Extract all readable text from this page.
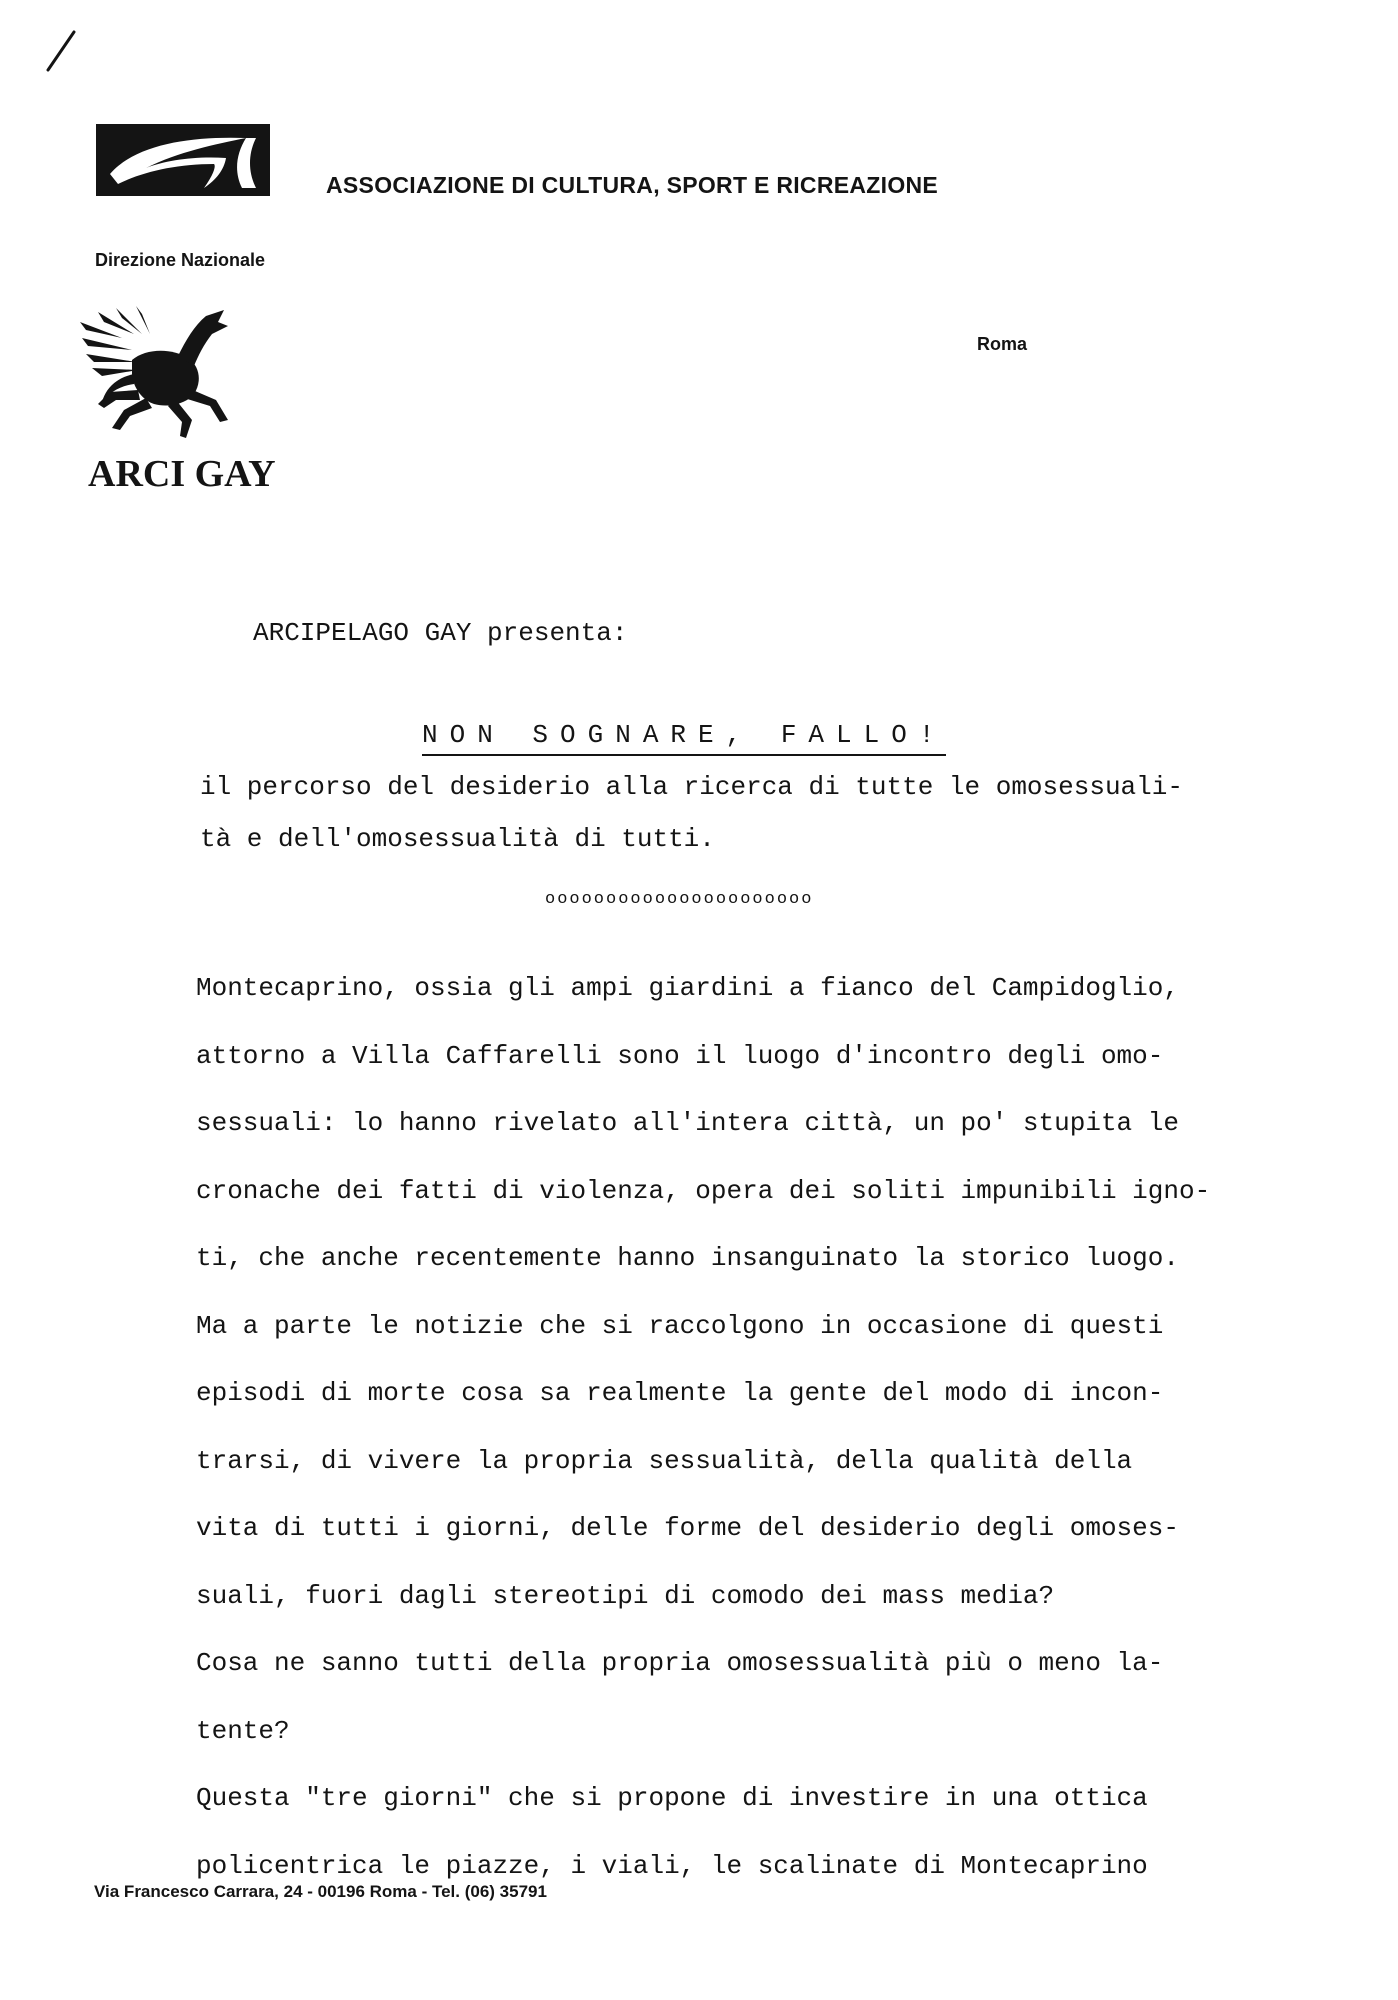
ASSOCIAZIONE DI CULTURA, SPORT E RICREAZIONE
Direzione Nazionale
ARCI GAY
Roma
ARCIPELAGO GAY presenta:
NON SOGNARE, FALLO!
il percorso del desiderio alla ricerca di tutte le omosessuali-
tà e dell'omosessualità di tutti.
oooooooooooooooooooooo
Montecaprino, ossia gli ampi giardini a fianco del Campidoglio,
attorno a Villa Caffarelli sono il luogo d'incontro degli omo-
sessuali: lo hanno rivelato all'intera città, un po' stupita le
cronache dei fatti di violenza, opera dei soliti impunibili igno-
ti, che anche recentemente hanno insanguinato la storico luogo.
Ma a parte le notizie che si raccolgono in occasione di questi
episodi di morte cosa sa realmente la gente del modo di incon-
trarsi, di vivere la propria sessualità, della qualità della
vita di tutti i giorni, delle forme del desiderio degli omoses-
suali, fuori dagli stereotipi di comodo dei mass media?
Cosa ne sanno tutti della propria omosessualità più o meno la-
tente?
Questa "tre giorni" che si propone di investire in una ottica
policentrica le piazze, i viali, le scalinate di Montecaprino
Via Francesco Carrara, 24 - 00196 Roma - Tel. (06) 35791
